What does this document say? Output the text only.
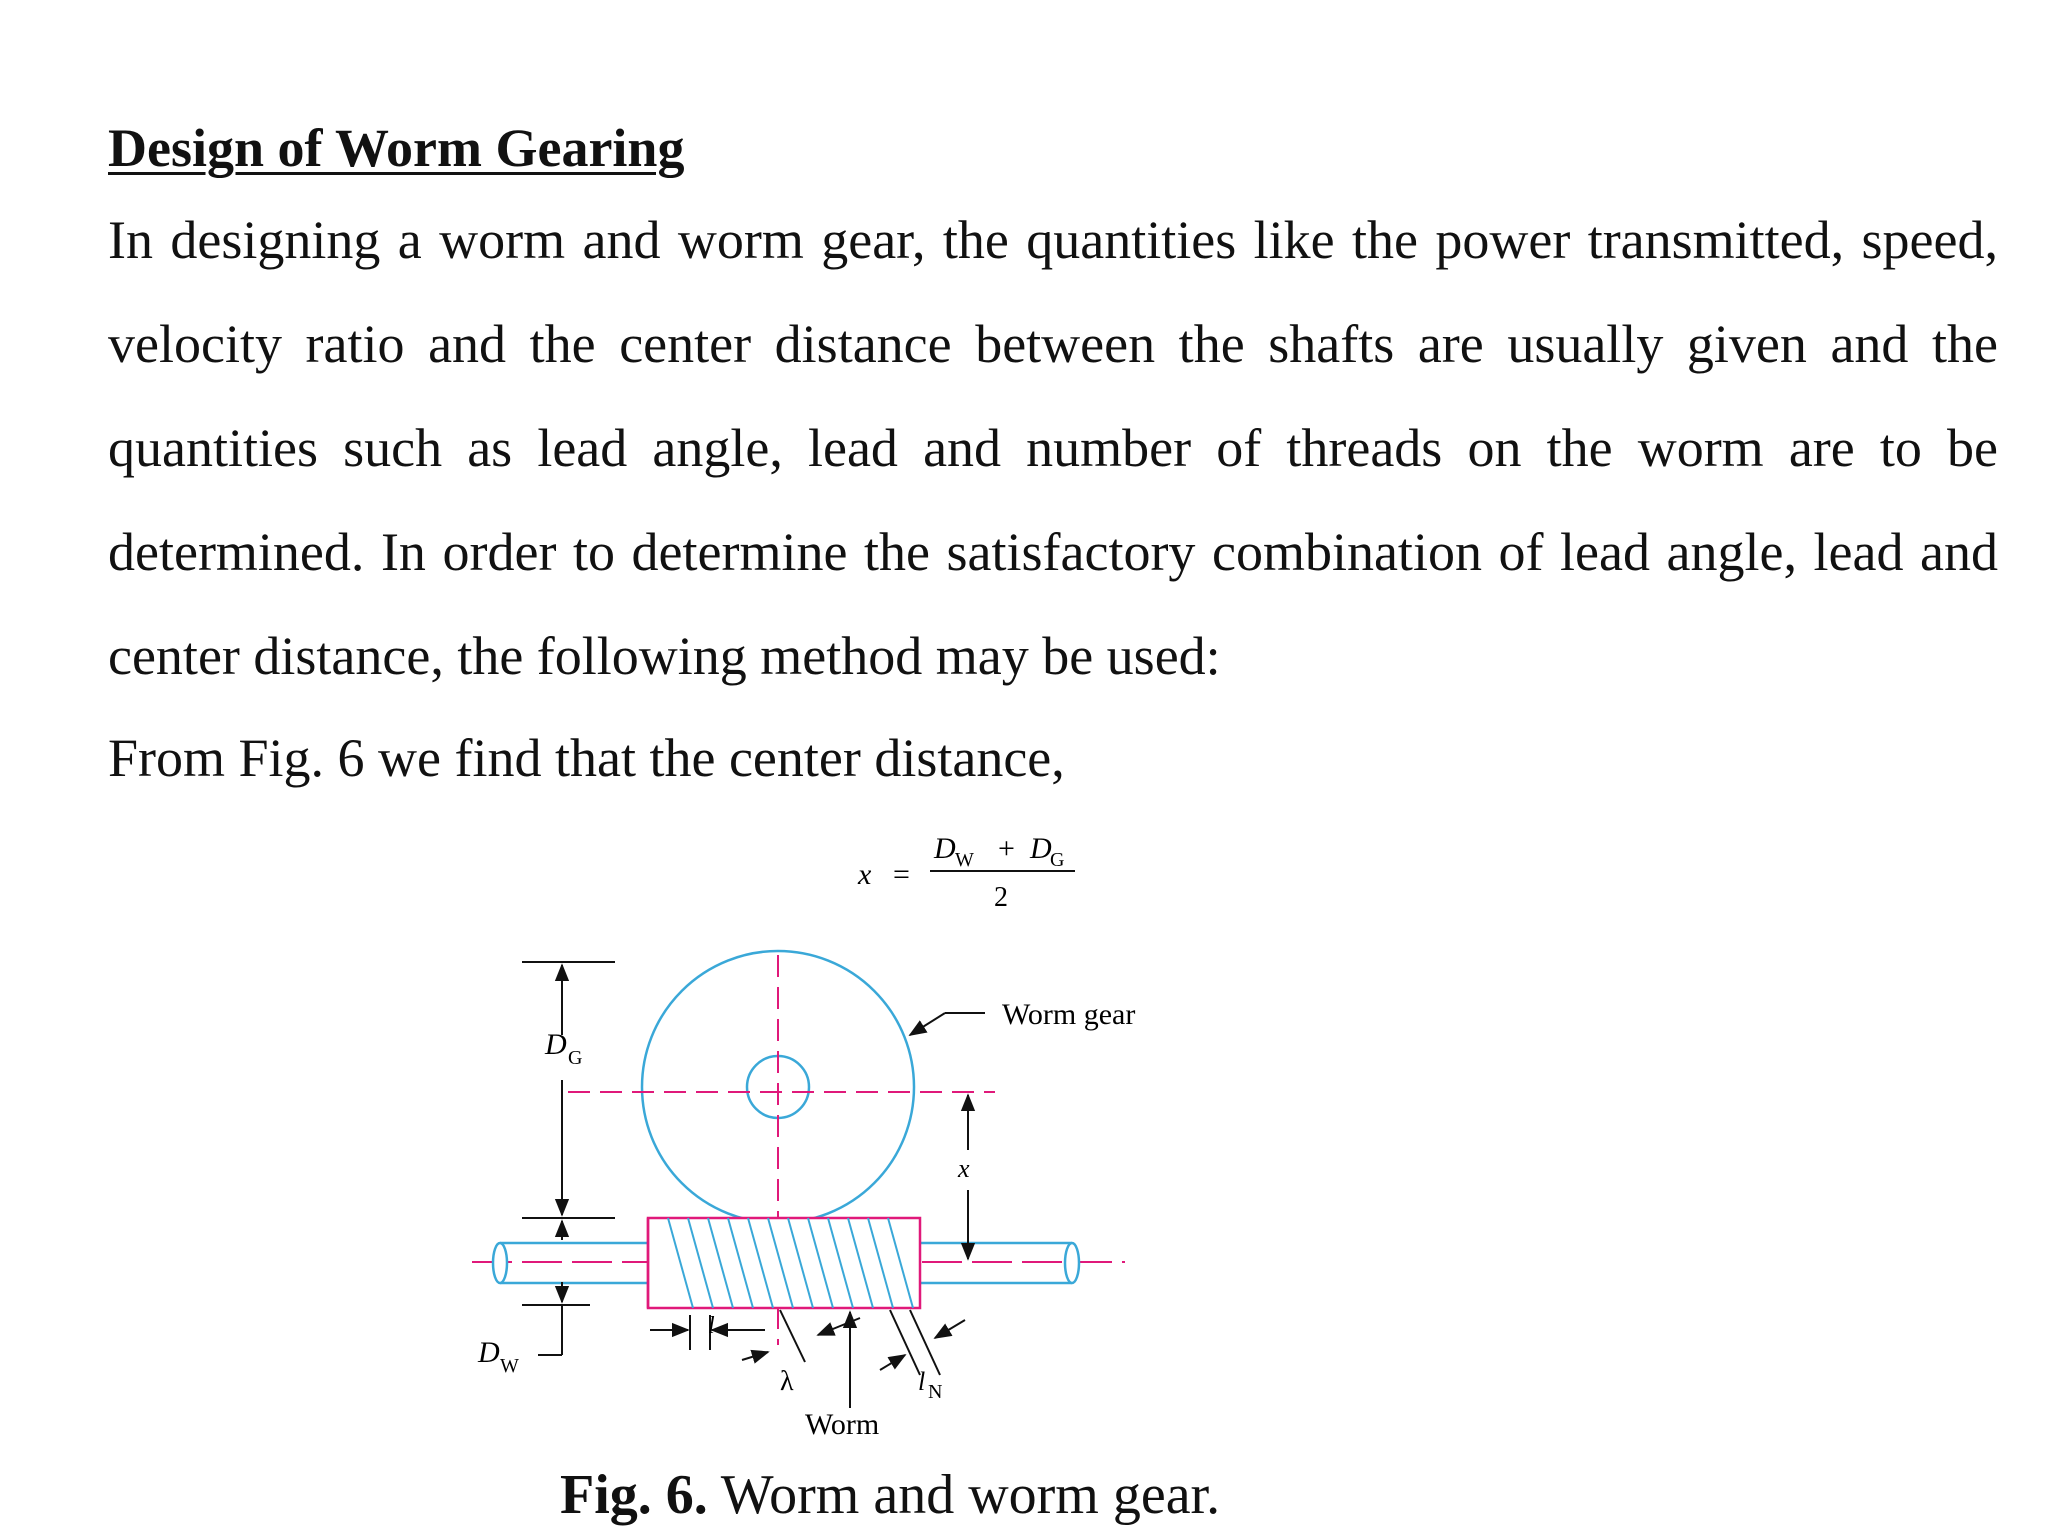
Design of Worm Gearing

In designing a worm and worm gear, the quantities like the power transmitted, speed, velocity ratio and the center distance between the shafts are usually given and the quantities such as lead angle, lead and number of threads on the worm are to be determined. In order to determine the satisfactory combination of lead angle, lead and center distance, the following method may be used:

From Fig. 6 we find that the center distance,

x =
D W + D
G
2
D G
D W
x
Worm gear
l
λ
Worm
l N
Fig. 6. Worm and worm gear.
